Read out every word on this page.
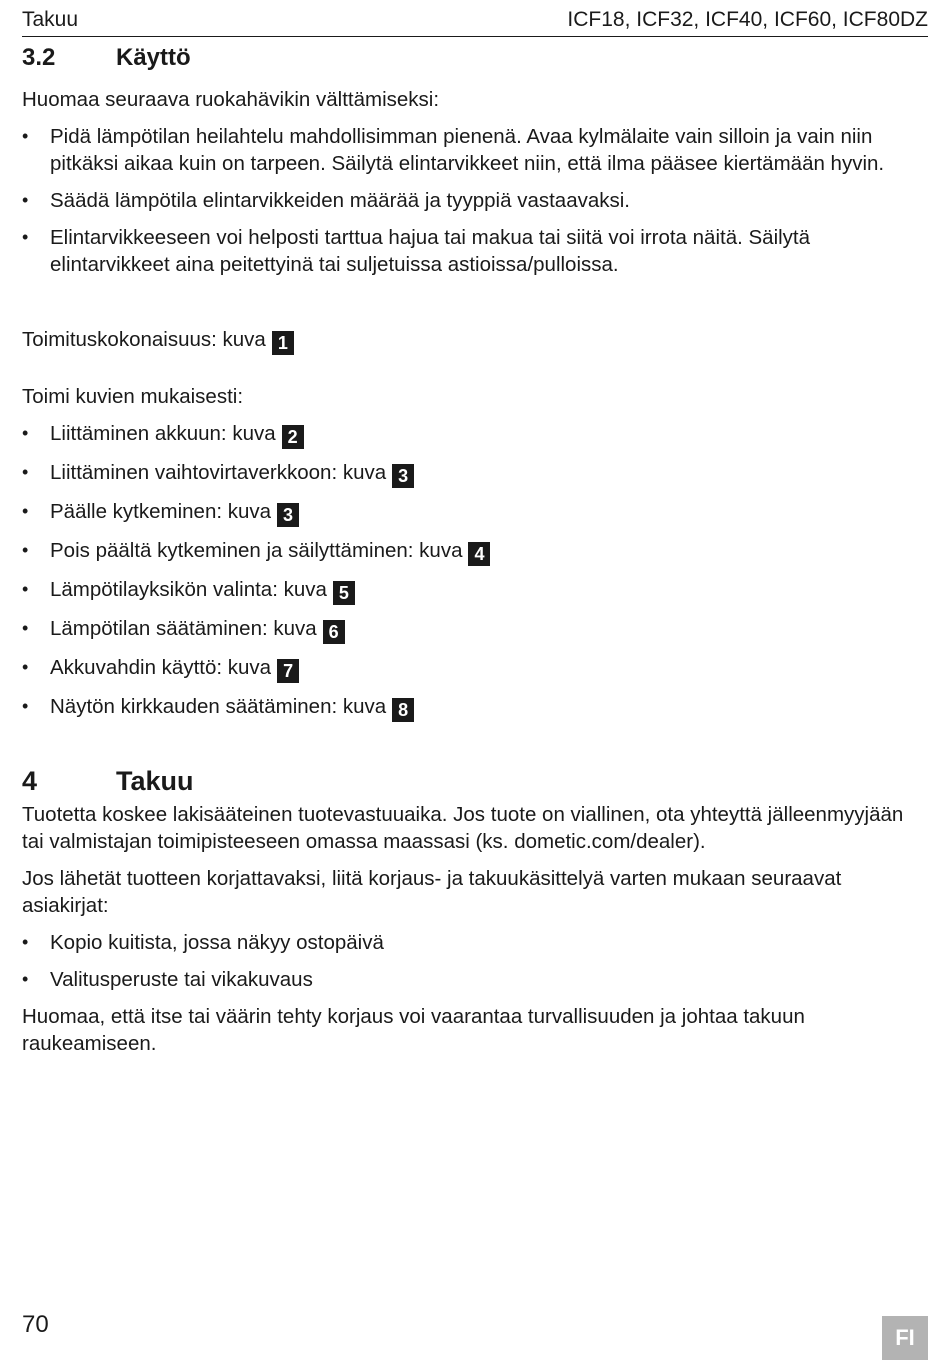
Takuu	ICF18, ICF32, ICF40, ICF60, ICF80DZ
3.2	Käyttö

Huomaa seuraava ruokahävikin välttämiseksi:

• Pidä lämpötilan heilahtelu mahdollisimman pienenä. Avaa kylmälaite vain silloin ja vain niin pitkäksi aikaa kuin on tarpeen. Säilytä elintarvikkeet niin, että ilma pääsee kiertämään hyvin.
• Säädä lämpötila elintarvikkeiden määrää ja tyyppiä vastaavaksi.
• Elintarvikkeeseen voi helposti tarttua hajua tai makua tai siitä voi irrota näitä. Säilytä elintarvikkeet aina peitettyinä tai suljetuissa astioissa/pulloissa.

Toimituskokonaisuus: kuva 1

Toimi kuvien mukaisesti:

• Liittäminen akkuun: kuva 2
• Liittäminen vaihtovirtaverkkoon: kuva 3
• Päälle kytkeminen: kuva 3
• Pois päältä kytkeminen ja säilyttäminen: kuva 4
• Lämpötilayksikön valinta: kuva 5
• Lämpötilan säätäminen: kuva 6
• Akkuvahdin käyttö: kuva 7
• Näytön kirkkauden säätäminen: kuva 8
4	Takuu

Tuotetta koskee lakisääteinen tuotevastuuaika. Jos tuote on viallinen, ota yhteyttä jälleenmyyjään tai valmistajan toimipisteeseen omassa maassasi (ks. dometic.com/dealer).

Jos lähetät tuotteen korjattavaksi, liitä korjaus- ja takuukäsittelyä varten mukaan seuraavat asiakirjat:

• Kopio kuitista, jossa näkyy ostopäivä
• Valitusperuste tai vikakuvaus

Huomaa, että itse tai väärin tehty korjaus voi vaarantaa turvallisuuden ja johtaa takuun raukeamiseen.

70	FI
